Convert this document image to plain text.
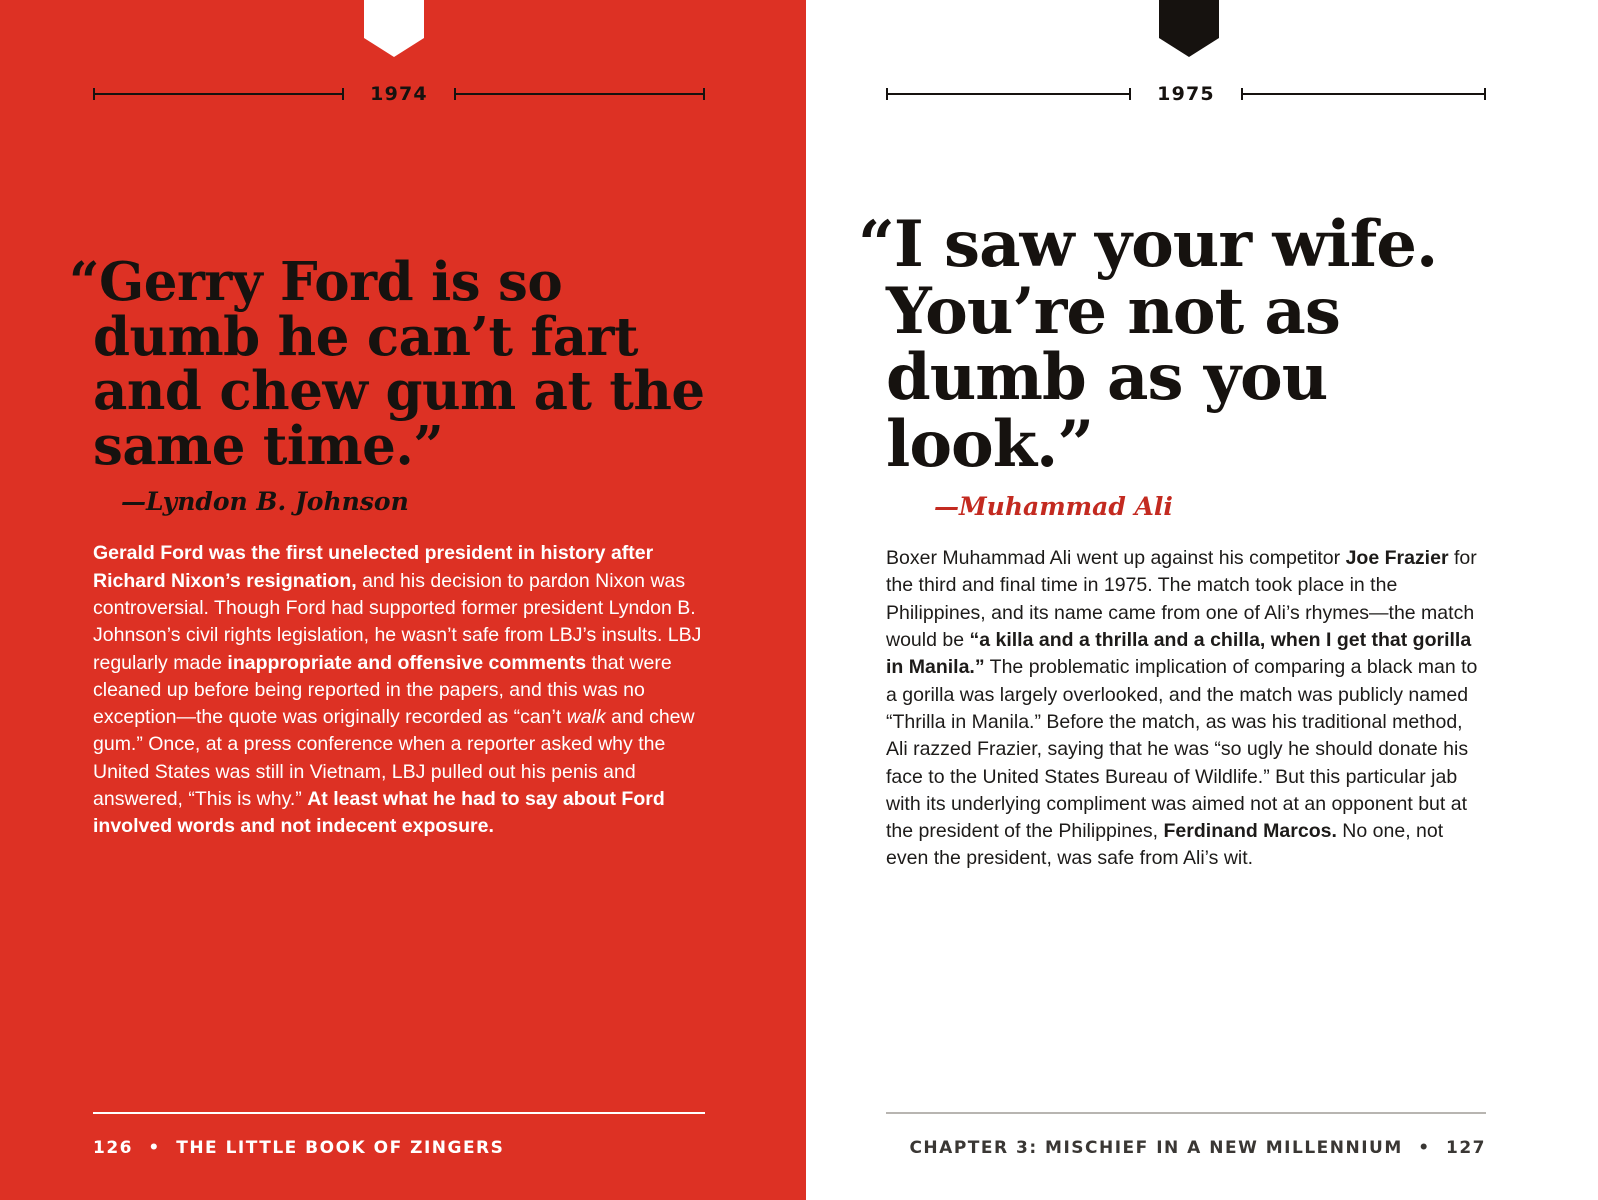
1974

“Gerry Ford is so dumb he can’t fart and chew gum at the same time.”

—Lyndon B. Johnson
Gerald Ford was the first unelected president in history after Richard Nixon’s resignation, and his decision to pardon Nixon was controversial. Though Ford had supported former president Lyndon B. Johnson’s civil rights legislation, he wasn’t safe from LBJ’s insults. LBJ regularly made inappropriate and offensive comments that were cleaned up before being reported in the papers, and this was no exception—the quote was originally recorded as “can’t walk and chew gum.” Once, at a press conference when a reporter asked why the United States was still in Vietnam, LBJ pulled out his penis and answered, “This is why.” At least what he had to say about Ford involved words and not indecent exposure.
126 • THE LITTLE BOOK OF ZINGERS
1975

“I saw your wife. You’re not as dumb as you look.”

—Muhammad Ali
Boxer Muhammad Ali went up against his competitor Joe Frazier for the third and final time in 1975. The match took place in the Philippines, and its name came from one of Ali’s rhymes—the match would be “a killa and a thrilla and a chilla, when I get that gorilla in Manila.” The problematic implication of comparing a black man to a gorilla was largely overlooked, and the match was publicly named “Thrilla in Manila.” Before the match, as was his traditional method, Ali razzed Frazier, saying that he was “so ugly he should donate his face to the United States Bureau of Wildlife.” But this particular jab with its underlying compliment was aimed not at an opponent but at the president of the Philippines, Ferdinand Marcos. No one, not even the president, was safe from Ali’s wit.
CHAPTER 3: MISCHIEF IN A NEW MILLENNIUM • 127
